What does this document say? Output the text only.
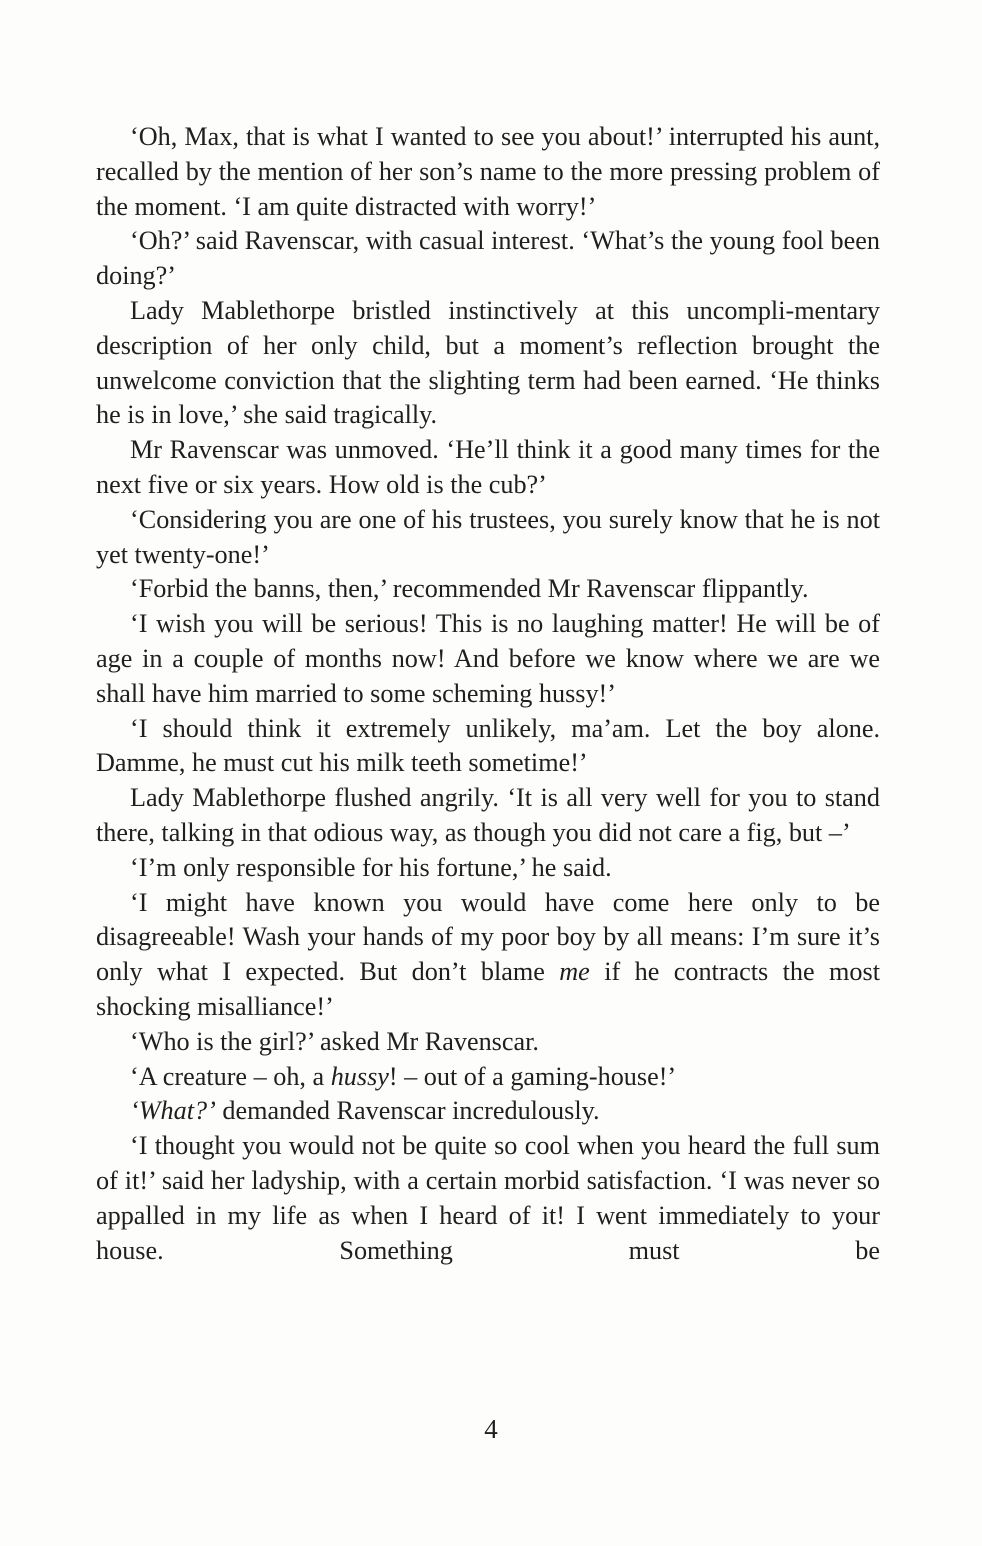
‘Oh, Max, that is what I wanted to see you about!’ interrupted his aunt, recalled by the mention of her son’s name to the more pressing problem of the moment. ‘I am quite distracted with worry!’

‘Oh?’ said Ravenscar, with casual interest. ‘What’s the young fool been doing?’

Lady Mablethorpe bristled instinctively at this uncompli-mentary description of her only child, but a moment’s reflection brought the unwelcome conviction that the slighting term had been earned. ‘He thinks he is in love,’ she said tragically.

Mr Ravenscar was unmoved. ‘He’ll think it a good many times for the next five or six years. How old is the cub?’

‘Considering you are one of his trustees, you surely know that he is not yet twenty-one!’

‘Forbid the banns, then,’ recommended Mr Ravenscar flippantly.

‘I wish you will be serious! This is no laughing matter! He will be of age in a couple of months now! And before we know where we are we shall have him married to some scheming hussy!’

‘I should think it extremely unlikely, ma’am. Let the boy alone. Damme, he must cut his milk teeth sometime!’

Lady Mablethorpe flushed angrily. ‘It is all very well for you to stand there, talking in that odious way, as though you did not care a fig, but –’

‘I’m only responsible for his fortune,’ he said.

‘I might have known you would have come here only to be disagreeable! Wash your hands of my poor boy by all means: I’m sure it’s only what I expected. But don’t blame me if he contracts the most shocking misalliance!’

‘Who is the girl?’ asked Mr Ravenscar.

‘A creature – oh, a hussy! – out of a gaming-house!’

‘What?’ demanded Ravenscar incredulously.

‘I thought you would not be quite so cool when you heard the full sum of it!’ said her ladyship, with a certain morbid satisfaction. ‘I was never so appalled in my life as when I heard of it! I went immediately to your house. Something must be

4
